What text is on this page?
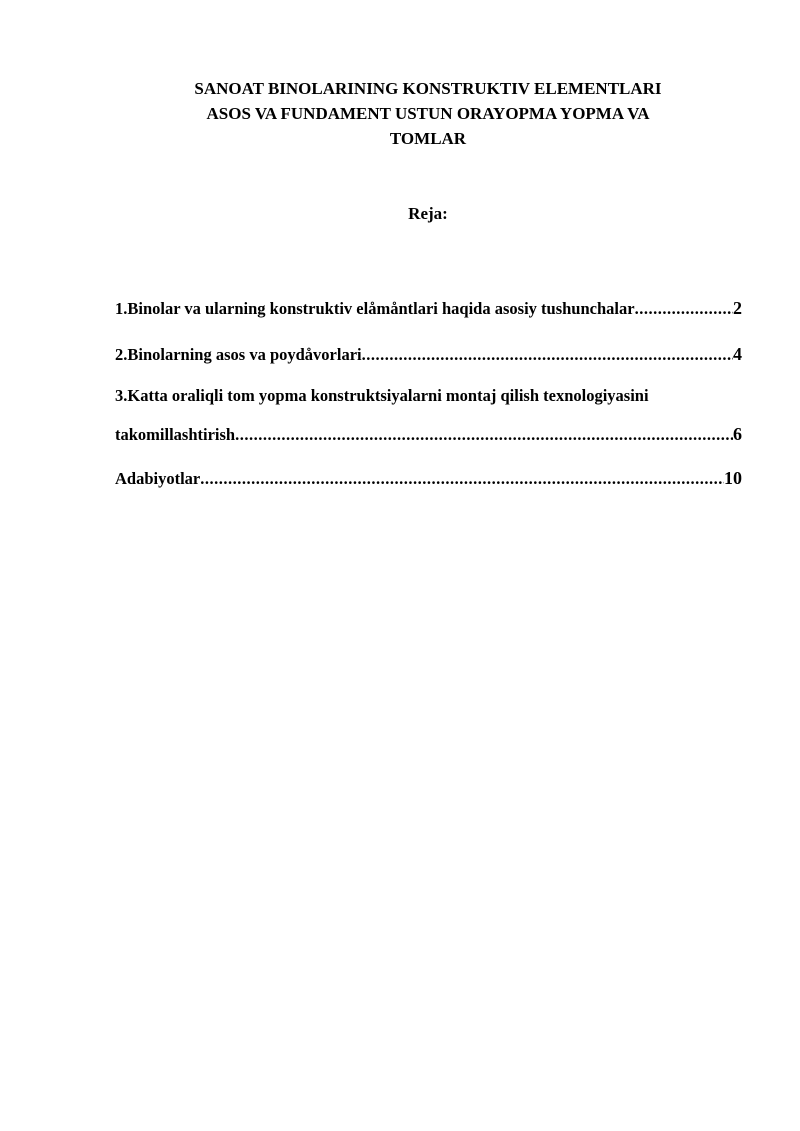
SANOAT BINOLARINING KONSTRUKTIV ELEMENTLARI
ASOS VA FUNDAMENT USTUN ORAYOPMA YOPMA VA
TOMLAR
Reja:
1.Binolar va ularning konstruktiv elåmåntlari haqida asosiy tushunchalar .....	2
2.Binolarning asos va poydåvorlari .....	4
3.Katta oraliqli tom yopma konstruktsiyalarni montaj qilish texnologiyasini
takomillashtirish .....	6
Adabiyotlar .....	10
